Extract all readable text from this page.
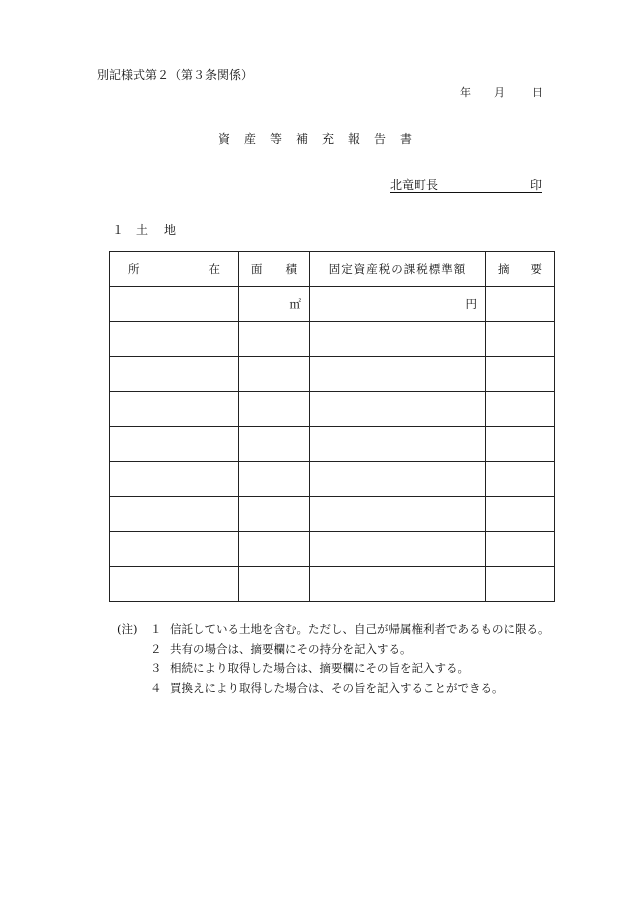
別記様式第２（第３条関係）
年 月 日
資産等補充報告書
北竜町長	印
１ 土　地
所 在	面 積	固定資産税の課税標準額	摘 要

	㎡	円	

(注)	１ 信託している土地を含む。ただし、自己が帰属権利者であるものに限る。
２ 共有の場合は、摘要欄にその持分を記入する。
３ 相続により取得した場合は、摘要欄にその旨を記入する。
４ 買換えにより取得した場合は、その旨を記入することができる。
